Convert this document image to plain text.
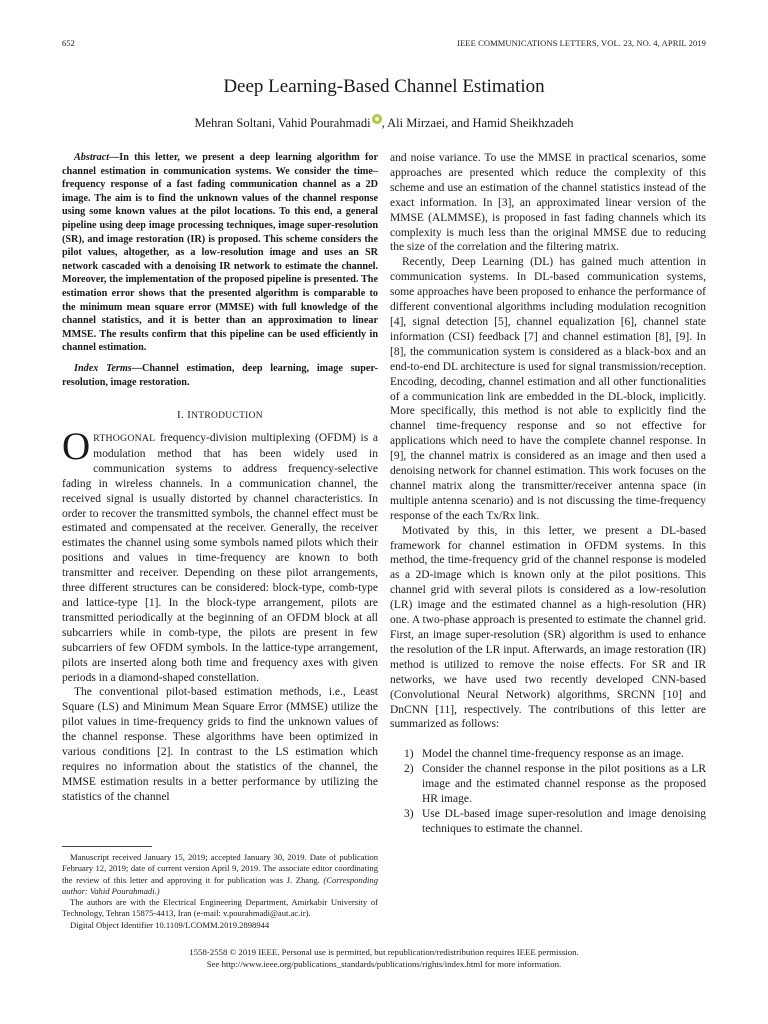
652	IEEE COMMUNICATIONS LETTERS, VOL. 23, NO. 4, APRIL 2019
Deep Learning-Based Channel Estimation
Mehran Soltani, Vahid Pourahmadi , Ali Mirzaei, and Hamid Sheikhzadeh
Abstract—In this letter, we present a deep learning algorithm for channel estimation in communication systems. We consider the time–frequency response of a fast fading communication channel as a 2D image. The aim is to find the unknown values of the channel response using some known values at the pilot locations. To this end, a general pipeline using deep image processing techniques, image super-resolution (SR), and image restoration (IR) is proposed. This scheme considers the pilot values, altogether, as a low-resolution image and uses an SR network cascaded with a denoising IR network to estimate the channel. Moreover, the implementation of the proposed pipeline is presented. The estimation error shows that the presented algorithm is comparable to the minimum mean square error (MMSE) with full knowledge of the channel statistics, and it is better than an approximation to linear MMSE. The results confirm that this pipeline can be used efficiently in channel estimation.
Index Terms—Channel estimation, deep learning, image super-resolution, image restoration.
I. INTRODUCTION
ORTHOGONAL frequency-division multiplexing (OFDM) is a modulation method that has been widely used in communication systems to address frequency-selective fading in wireless channels. In a communication channel, the received signal is usually distorted by channel characteristics. In order to recover the transmitted symbols, the channel effect must be estimated and compensated at the receiver. Generally, the receiver estimates the channel using some symbols named pilots which their positions and values in time-frequency are known to both transmitter and receiver. Depending on these pilot arrangements, three different structures can be considered: block-type, comb-type and lattice-type [1]. In the block-type arrangement, pilots are transmitted periodically at the beginning of an OFDM block at all subcarriers while in comb-type, the pilots are present in few subcarriers of few OFDM symbols. In the lattice-type arrangement, pilots are inserted along both time and frequency axes with given periods in a diamond-shaped constellation.
The conventional pilot-based estimation methods, i.e., Least Square (LS) and Minimum Mean Square Error (MMSE) utilize the pilot values in time-frequency grids to find the unknown values of the channel response. These algorithms have been optimized in various conditions [2]. In contrast to the LS estimation which requires no information about the statistics of the channel, the MMSE estimation results in a better performance by utilizing the statistics of the channel
Manuscript received January 15, 2019; accepted January 30, 2019. Date of publication February 12, 2019; date of current version April 9, 2019. The associate editor coordinating the review of this letter and approving it for publication was J. Zhang. (Corresponding author: Vahid Pourahmadi.)
The authors are with the Electrical Engineering Department, Amirkabir University of Technology, Tehran 15875-4413, Iran (e-mail: v.pourahmadi@aut.ac.ir).
Digital Object Identifier 10.1109/LCOMM.2019.2898944
and noise variance. To use the MMSE in practical scenarios, some approaches are presented which reduce the complexity of this scheme and use an estimation of the channel statistics instead of the exact information. In [3], an approximated linear version of the MMSE (ALMMSE), is proposed in fast fading channels which its complexity is much less than the original MMSE due to reducing the size of the correlation and the filtering matrix.
Recently, Deep Learning (DL) has gained much attention in communication systems. In DL-based communication systems, some approaches have been proposed to enhance the performance of different conventional algorithms including modulation recognition [4], signal detection [5], channel equalization [6], channel state information (CSI) feedback [7] and channel estimation [8], [9]. In [8], the communication system is considered as a black-box and an end-to-end DL architecture is used for signal transmission/reception. Encoding, decoding, channel estimation and all other functionalities of a communication link are embedded in the DL-block, implicitly. More specifically, this method is not able to explicitly find the channel time-frequency response and so not effective for applications which need to have the complete channel response. In [9], the channel matrix is considered as an image and then used a denoising network for channel estimation. This work focuses on the channel matrix along the transmitter/receiver antenna space (in multiple antenna scenario) and is not discussing the time-frequency response of the each Tx/Rx link.
Motivated by this, in this letter, we present a DL-based framework for channel estimation in OFDM systems. In this method, the time-frequency grid of the channel response is modeled as a 2D-image which is known only at the pilot positions. This channel grid with several pilots is considered as a low-resolution (LR) image and the estimated channel as a high-resolution (HR) one. A two-phase approach is presented to estimate the channel grid. First, an image super-resolution (SR) algorithm is used to enhance the resolution of the LR input. Afterwards, an image restoration (IR) method is utilized to remove the noise effects. For SR and IR networks, we have used two recently developed CNN-based (Convolutional Neural Network) algorithms, SRCNN [10] and DnCNN [11], respectively. The contributions of this letter are summarized as follows:
1) Model the channel time-frequency response as an image.
2) Consider the channel response in the pilot positions as a LR image and the estimated channel response as the proposed HR image.
3) Use DL-based image super-resolution and image denoising techniques to estimate the channel.
1558-2558 © 2019 IEEE. Personal use is permitted, but republication/redistribution requires IEEE permission.
See http://www.ieee.org/publications_standards/publications/rights/index.html for more information.
